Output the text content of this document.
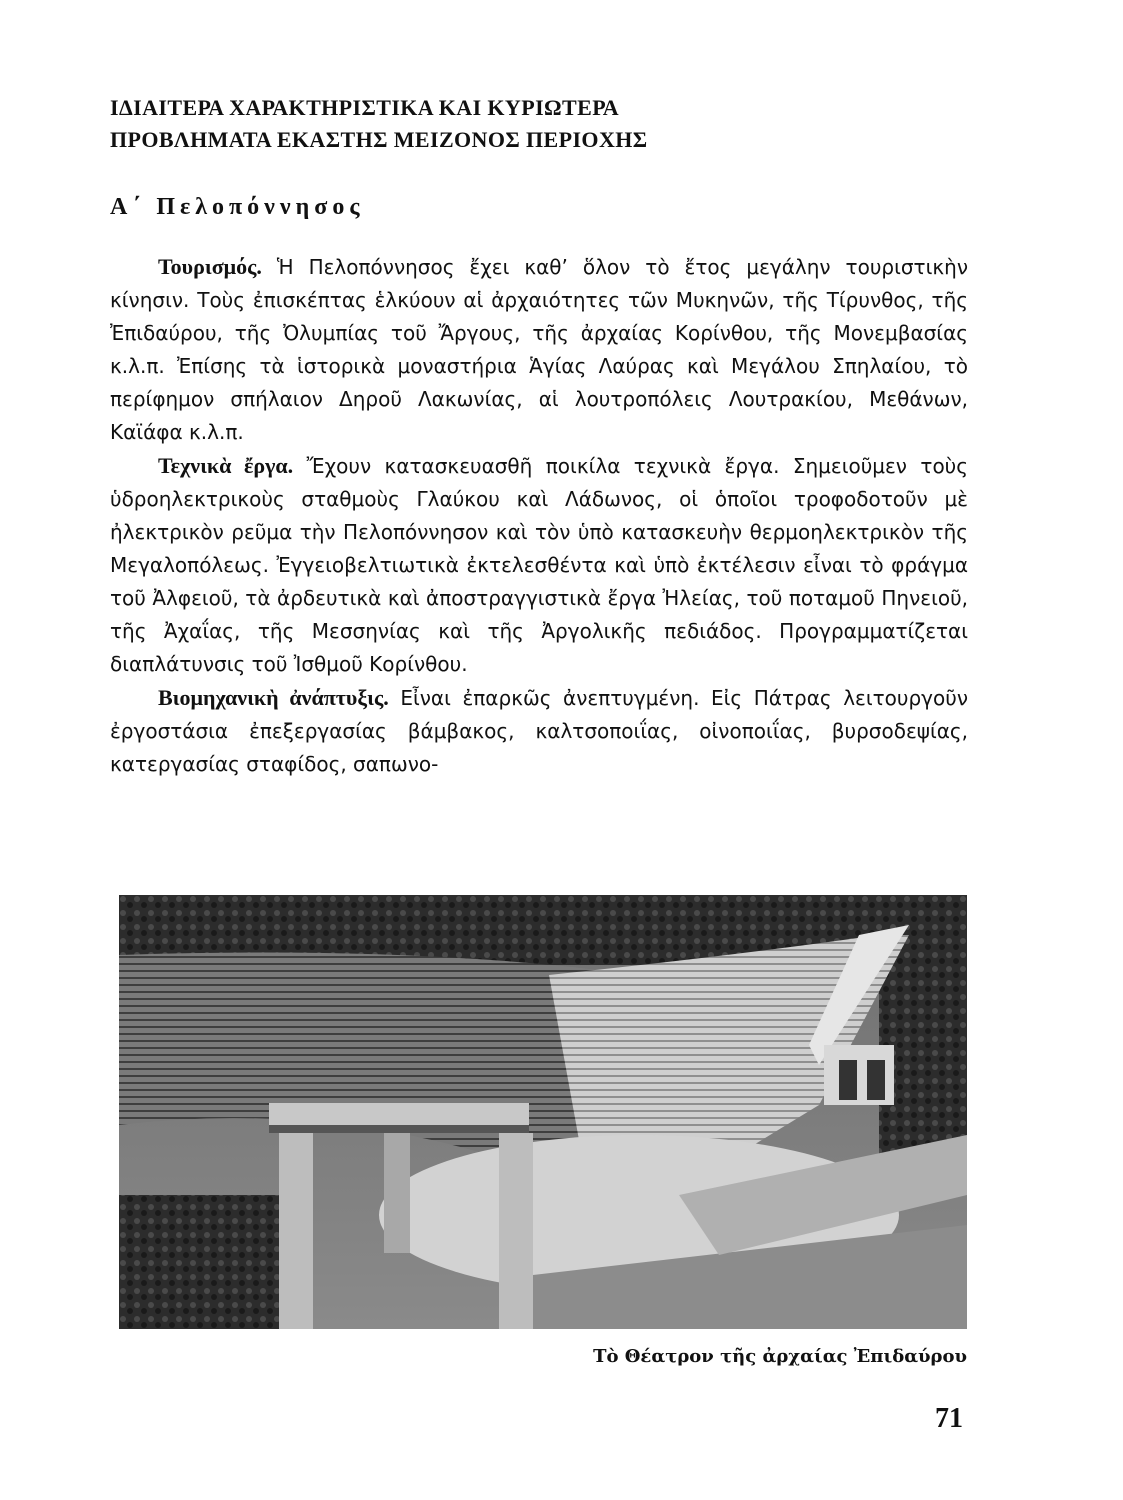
ΙΔΙΑΙΤΕΡΑ ΧΑΡΑΚΤΗΡΙΣΤΙΚΑ ΚΑΙ ΚΥΡΙΩΤΕΡΑ
ΠΡΟΒΛΗΜΑΤΑ ΕΚΑΣΤΗΣ ΜΕΙΖΟΝΟΣ ΠΕΡΙΟΧΗΣ
Α΄ Πελοπόννησος

Τουρισμός. Ἡ Πελοπόννησος ἔχει καθ’ ὅλον τὸ ἔτος μεγάλην τουριστικὴν κίνησιν. Τοὺς ἐπισκέπτας ἑλκύουν αἱ ἀρχαιότητες τῶν Μυκηνῶν, τῆς Τίρυνθος, τῆς Ἐπιδαύρου, τῆς Ὀλυμπίας τοῦ Ἄργους, τῆς ἀρχαίας Κορίνθου, τῆς Μονεμβασίας κ.λ.π. Ἐπίσης τὰ ἱστορικὰ μοναστήρια Ἁγίας Λαύρας καὶ Μεγάλου Σπηλαίου, τὸ περίφημον σπήλαιον Δηροῦ Λακωνίας, αἱ λουτροπόλεις Λουτρακίου, Μεθάνων, Καϊάφα κ.λ.π.

Τεχνικὰ ἔργα. Ἔχουν κατασκευασθῆ ποικίλα τεχνικὰ ἔργα. Σημειοῦμεν τοὺς ὑδροηλεκτρικοὺς σταθμοὺς Γλαύκου καὶ Λάδωνος, οἱ ὁποῖοι τροφοδοτοῦν μὲ ἠλεκτρικὸν ρεῦμα τὴν Πελοπόννησον καὶ τὸν ὑπὸ κατασκευὴν θερμοηλεκτρικὸν τῆς Μεγαλοπόλεως. Ἐγγειοβελτιωτικὰ ἐκτελεσθέντα καὶ ὑπὸ ἐκτέλεσιν εἶναι τὸ φράγμα τοῦ Ἀλφειοῦ, τὰ ἀρδευτικὰ καὶ ἀποστραγγιστικὰ ἔργα Ἠλείας, τοῦ ποταμοῦ Πηνειοῦ, τῆς Ἀχαΐας, τῆς Μεσσηνίας καὶ τῆς Ἀργολικῆς πεδιάδος. Προγραμματίζεται διαπλάτυνσις τοῦ Ἰσθμοῦ Κορίνθου.

Βιομηχανικὴ ἀνάπτυξις. Εἶναι ἐπαρκῶς ἀνεπτυγμένη. Εἰς Πάτρας λειτουργοῦν ἐργοστάσια ἐπεξεργασίας βάμβακος, καλτσοποιΐας, οἰνοποιΐας, βυρσοδεψίας, κατεργασίας σταφίδος, σαπωνο-

Τὸ Θέατρον τῆς ἀρχαίας Ἐπιδαύρου
71
